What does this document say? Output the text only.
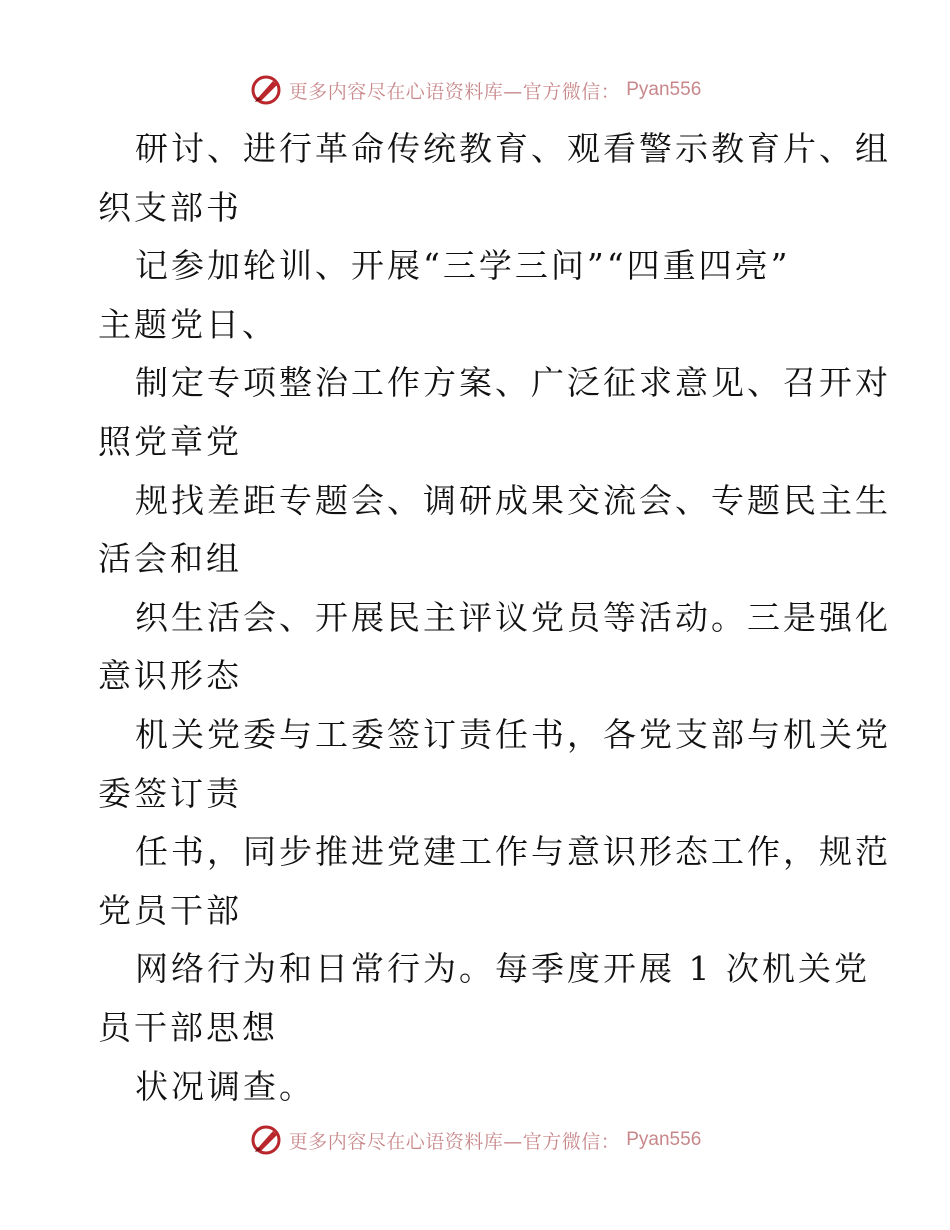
更多内容尽在心语资料库—官方微信： Pyan556
研讨、进行革命传统教育、观看警示教育片、组
织支部书
记参加轮训、开展“三学三问”“四重四亮”
主题党日、
制定专项整治工作方案、广泛征求意见、召开对
照党章党
规找差距专题会、调研成果交流会、专题民主生
活会和组
织生活会、开展民主评议党员等活动。三是强化
意识形态
机关党委与工委签订责任书，各党支部与机关党
委签订责
任书，同步推进党建工作与意识形态工作，规范
党员干部
网络行为和日常行为。每季度开展 1 次机关党
员干部思想
状况调查。
更多内容尽在心语资料库—官方微信： Pyan556
